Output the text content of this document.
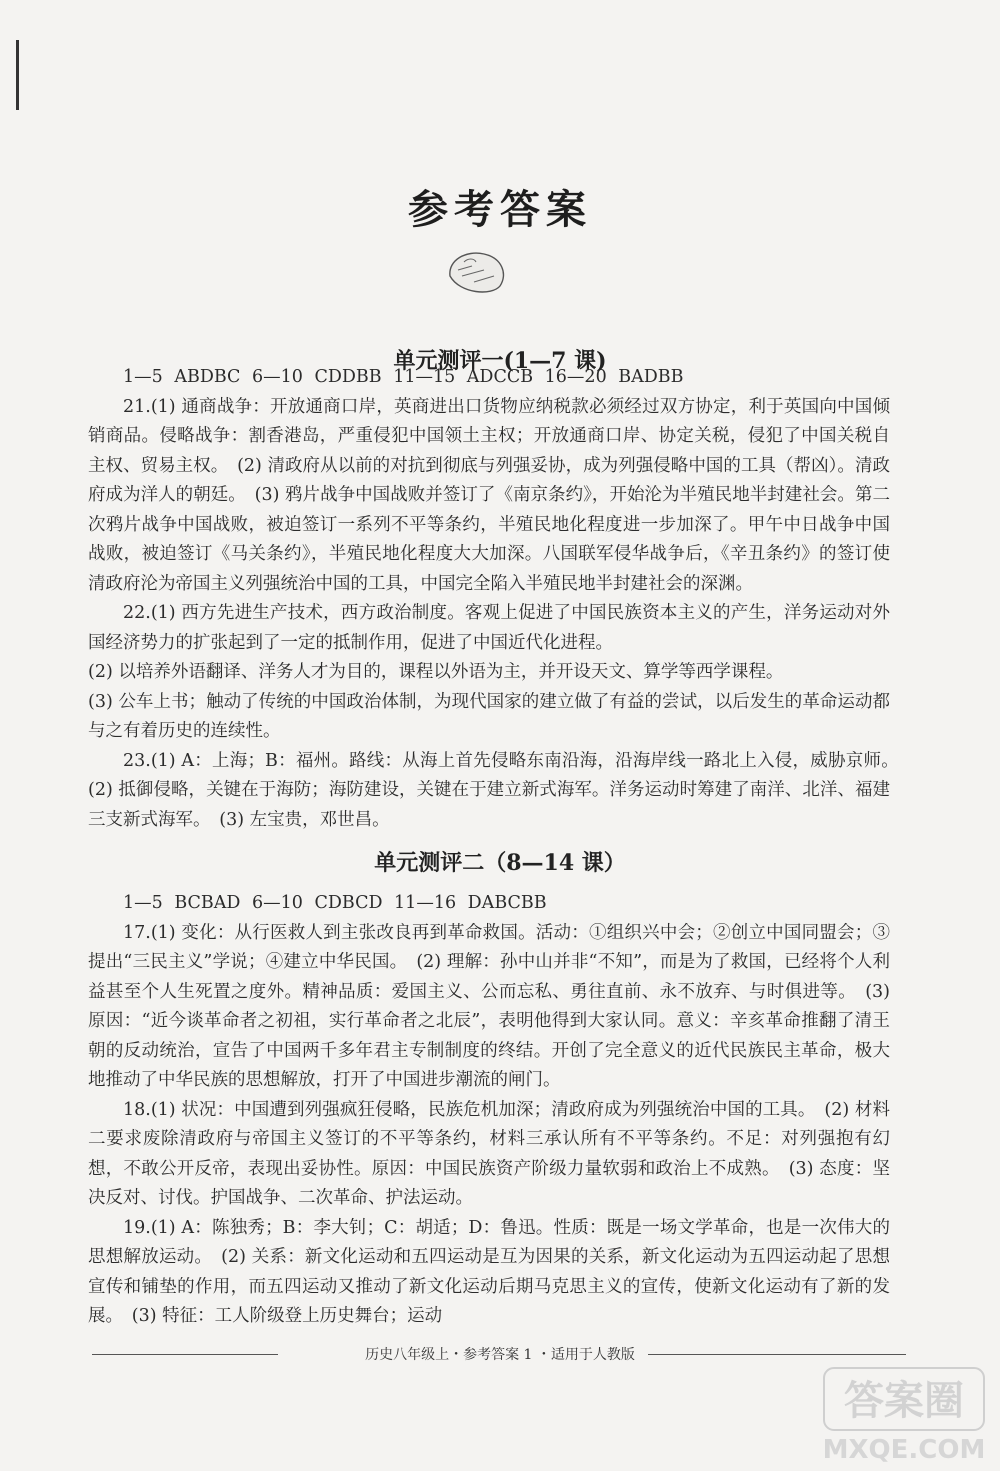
参考答案
单元测评一(1—7 课)

1—5 ABDBC 6—10 CDDBB 11—15 ADCCB 16—20 BADBB

21.(1) 通商战争：开放通商口岸，英商进出口货物应纳税款必须经过双方协定，利于英国向中国倾销商品。侵略战争：割香港岛，严重侵犯中国领土主权；开放通商口岸、协定关税，侵犯了中国关税自主权、贸易主权。　(2) 清政府从以前的对抗到彻底与列强妥协，成为列强侵略中国的工具（帮凶）。清政府成为洋人的朝廷。　(3) 鸦片战争中国战败并签订了《南京条约》，开始沦为半殖民地半封建社会。第二次鸦片战争中国战败，被迫签订一系列不平等条约，半殖民地化程度进一步加深了。甲午中日战争中国战败，被迫签订《马关条约》，半殖民地化程度大大加深。八国联军侵华战争后，《辛丑条约》的签订使清政府沦为帝国主义列强统治中国的工具，中国完全陷入半殖民地半封建社会的深渊。

22.(1) 西方先进生产技术，西方政治制度。客观上促进了中国民族资本主义的产生，洋务运动对外国经济势力的扩张起到了一定的抵制作用，促进了中国近代化进程。

(2) 以培养外语翻译、洋务人才为目的，课程以外语为主，并开设天文、算学等西学课程。

(3) 公车上书；触动了传统的中国政治体制，为现代国家的建立做了有益的尝试，以后发生的革命运动都与之有着历史的连续性。

23.(1) A：上海；B：福州。路线：从海上首先侵略东南沿海，沿海岸线一路北上入侵，威胁京师。　(2) 抵御侵略，关键在于海防；海防建设，关键在于建立新式海军。洋务运动时筹建了南洋、北洋、福建三支新式海军。　(3) 左宝贵，邓世昌。

单元测评二（8—14 课）

1—5 BCBAD 6—10 CDBCD 11—16 DABCBB

17.(1) 变化：从行医救人到主张改良再到革命救国。活动：①组织兴中会；②创立中国同盟会；③提出“三民主义”学说；④建立中华民国。　(2) 理解：孙中山并非“不知”，而是为了救国，已经将个人利益甚至个人生死置之度外。精神品质：爱国主义、公而忘私、勇往直前、永不放弃、与时俱进等。　(3) 原因：“近今谈革命者之初祖，实行革命者之北辰”，表明他得到大家认同。意义：辛亥革命推翻了清王朝的反动统治，宣告了中国两千多年君主专制制度的终结。开创了完全意义的近代民族民主革命，极大地推动了中华民族的思想解放，打开了中国进步潮流的闸门。

18.(1) 状况：中国遭到列强疯狂侵略，民族危机加深；清政府成为列强统治中国的工具。　(2) 材料二要求废除清政府与帝国主义签订的不平等条约，材料三承认所有不平等条约。不足：对列强抱有幻想，不敢公开反帝，表现出妥协性。原因：中国民族资产阶级力量软弱和政治上不成熟。　(3) 态度：坚决反对、讨伐。护国战争、二次革命、护法运动。

19.(1) A：陈独秀；B：李大钊；C：胡适；D：鲁迅。性质：既是一场文学革命，也是一次伟大的思想解放运动。　(2) 关系：新文化运动和五四运动是互为因果的关系，新文化运动为五四运动起了思想宣传和铺垫的作用，而五四运动又推动了新文化运动后期马克思主义的宣传，使新文化运动有了新的发展。　(3) 特征：工人阶级登上历史舞台；运动

历史八年级上・参考答案 1 ・适用于人教版
答案圈
MXQE.COM
